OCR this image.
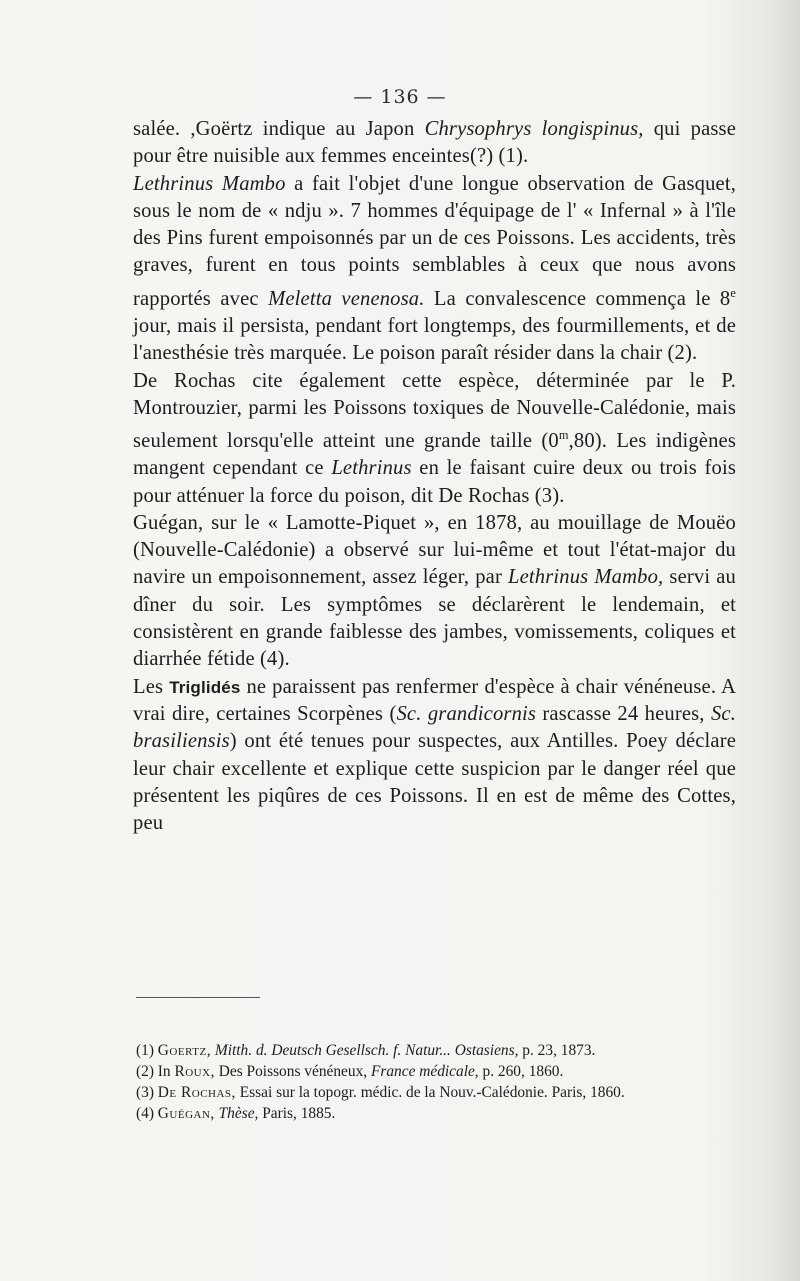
— 136 —

salée. ,Goërtz indique au Japon Chrysophrys longispinus, qui passe pour être nuisible aux femmes enceintes(?) (1).

Lethrinus Mambo a fait l'objet d'une longue observation de Gasquet, sous le nom de « ndju ». 7 hommes d'équipage de l' « Infernal » à l'île des Pins furent empoisonnés par un de ces Poissons. Les accidents, très graves, furent en tous points semblables à ceux que nous avons rapportés avec Meletta venenosa. La convalescence commença le 8e jour, mais il persista, pendant fort longtemps, des fourmillements, et de l'anesthésie très marquée. Le poison paraît résider dans la chair (2).

De Rochas cite également cette espèce, déterminée par le P. Montrouzier, parmi les Poissons toxiques de Nouvelle-Calédonie, mais seulement lorsqu'elle atteint une grande taille (0$^m$,80). Les indigènes mangent cependant ce Lethrinus en le faisant cuire deux ou trois fois pour atténuer la force du poison, dit De Rochas (3).

Guégan, sur le « Lamotte-Piquet », en 1878, au mouillage de Mouëo (Nouvelle-Calédonie) a observé sur lui-même et tout l'état-major du navire un empoisonnement, assez léger, par Lethrinus Mambo, servi au dîner du soir. Les symptômes se déclarèrent le lendemain, et consistèrent en grande faiblesse des jambes, vomissements, coliques et diarrhée fétide (4).

Les Triglidés ne paraissent pas renfermer d'espèce à chair vénéneuse. A vrai dire, certaines Scorpènes (Sc. grandicornis rascasse 24 heures, Sc. brasiliensis) ont été tenues pour suspectes, aux Antilles. Poey déclare leur chair excellente et explique cette suspicion par le danger réel que présentent les piqûres de ces Poissons. Il en est de même des Cottes, peu

(1) Goertz, Mitth. d. Deutsch Gesellsch. f. Natur... Ostasiens, p. 23, 1873.
(2) In Roux, Des Poissons vénéneux, France médicale, p. 260, 1860.
(3) De Rochas, Essai sur la topogr. médic. de la Nouv.-Calédonie. Paris, 1860.
(4) Guégan, Thèse, Paris, 1885.
